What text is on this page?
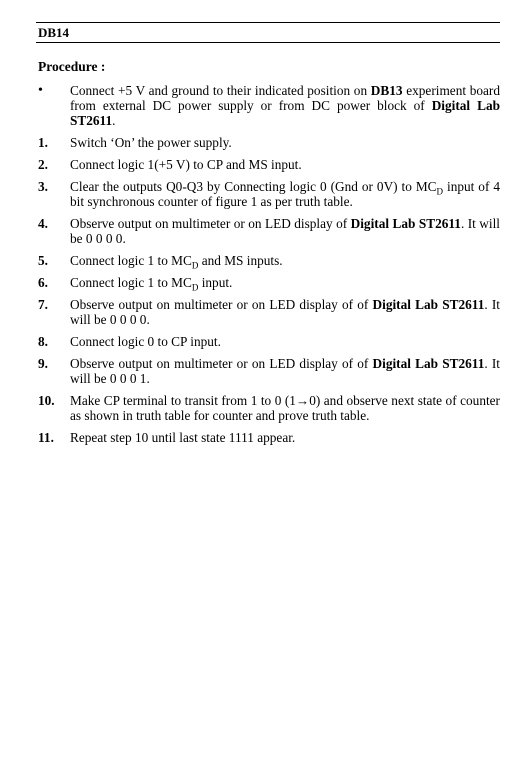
DB14
Procedure :
•	Connect +5 V and ground to their indicated position on DB13 experiment board from external DC power supply or from DC power block of Digital Lab ST2611.
1.	Switch ‘On’ the power supply.
2.	Connect logic 1(+5 V) to CP and MS input.
3.	Clear the outputs Q0-Q3 by Connecting logic 0 (Gnd or 0V) to $MC_D$ input of 4 bit synchronous counter of figure 1 as per truth table.
4.	Observe output on multimeter or on LED display of Digital Lab ST2611. It will be 0 0 0 0.
5.	Connect logic 1 to $MC_D$ and MS inputs.
6.	Connect logic 1 to $MC_D$ input.
7.	Observe output on multimeter or on LED display of of Digital Lab ST2611. It will be 0 0 0 0.
8.	Connect logic 0 to CP input.
9.	Observe output on multimeter or on LED display of of Digital Lab ST2611. It will be 0 0 0 1.
10.	Make CP terminal to transit from 1 to 0 (1→0) and observe next state of counter as shown in truth table for counter and prove truth table.
11.	Repeat step 10 until last state 1111 appear.
